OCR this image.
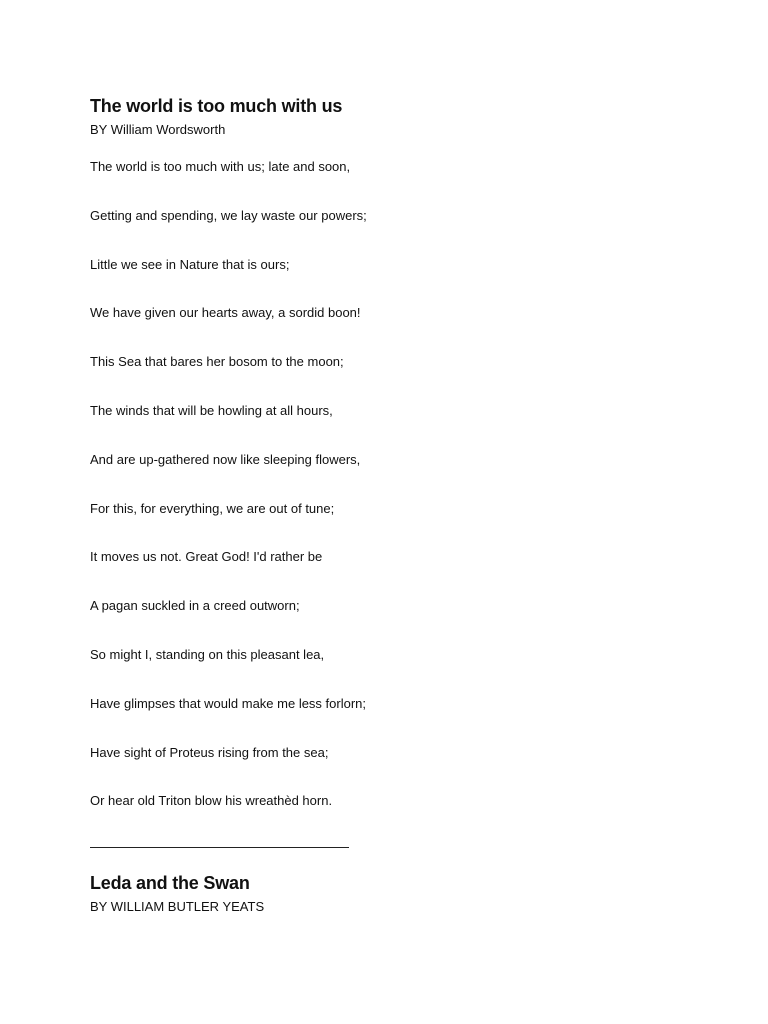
The world is too much with us

BY William Wordsworth

The world is too much with us; late and soon,
Getting and spending, we lay waste our powers;
Little we see in Nature that is ours;
We have given our hearts away, a sordid boon!
This Sea that bares her bosom to the moon;
The winds that will be howling at all hours,
And are up-gathered now like sleeping flowers,
For this, for everything, we are out of tune;
It moves us not. Great God! I'd rather be
A pagan suckled in a creed outworn;
So might I, standing on this pleasant lea,
Have glimpses that would make me less forlorn;
Have sight of Proteus rising from the sea;
Or hear old Triton blow his wreathèd horn.
Leda and the Swan

BY WILLIAM BUTLER YEATS
